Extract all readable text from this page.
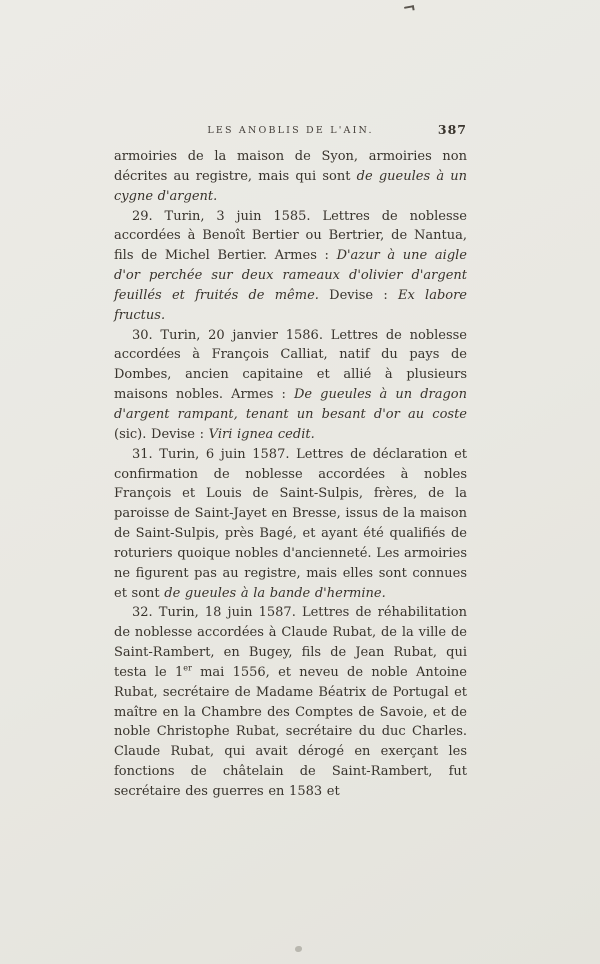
LES ANOBLIS DE L'AIN.	387

armoiries de la maison de Syon, armoiries non décrites au registre, mais qui sont de gueules à un cygne d'argent.

29. Turin, 3 juin 1585. Lettres de noblesse accordées à Benoît Bertier ou Bertrier, de Nantua, fils de Michel Bertier. Armes : D'azur à une aigle d'or perchée sur deux rameaux d'olivier d'argent feuillés et fruités de même. Devise : Ex labore fructus.

30. Turin, 20 janvier 1586. Lettres de noblesse accordées à François Calliat, natif du pays de Dombes, ancien capitaine et allié à plusieurs maisons nobles. Armes : De gueules à un dragon d'argent rampant, tenant un besant d'or au coste (sic). Devise : Viri ignea cedit.

31. Turin, 6 juin 1587. Lettres de déclaration et confirmation de noblesse accordées à nobles François et Louis de Saint-Sulpis, frères, de la paroisse de Saint-Jayet en Bresse, issus de la maison de Saint-Sulpis, près Bagé, et ayant été qualifiés de roturiers quoique nobles d'ancienneté. Les armoiries ne figurent pas au registre, mais elles sont connues et sont de gueules à la bande d'hermine.

32. Turin, 18 juin 1587. Lettres de réhabilitation de noblesse accordées à Claude Rubat, de la ville de Saint-Rambert, en Bugey, fils de Jean Rubat, qui testa le 1er mai 1556, et neveu de noble Antoine Rubat, secrétaire de Madame Béatrix de Portugal et maître en la Chambre des Comptes de Savoie, et de noble Christophe Rubat, secrétaire du duc Charles. Claude Rubat, qui avait dérogé en exerçant les fonctions de châtelain de Saint-Rambert, fut secrétaire des guerres en 1583 et
